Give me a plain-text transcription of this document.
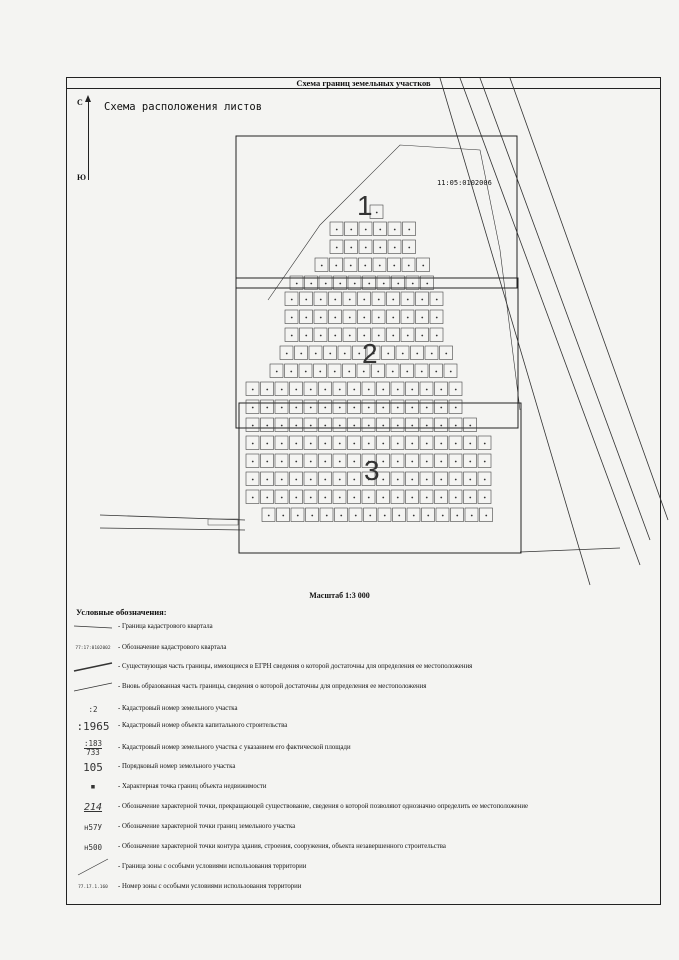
Схема границ земельных участков
С
Ю
Схема расположения листов
11:05:0102006
1
2
3
Масштаб 1:3 000
Условные обозначения:
- Граница кадастрового квартала
77:17:0102002 - Обозначение кадастрового квартала
- Существующая часть границы, имеющиеся в ЕГРН сведения о которой достаточны для определения ее местоположения
- Вновь образованная часть границы, сведения о которой достаточны для определения ее местоположения
:2	- Кадастровый номер земельного участка
:1965 - Кадастровый номер объекта капитального строительства
$\frac{:183}{733}$ - Кадастровый номер земельного участка с указанием его фактической площади
105 - Порядковый номер земельного участка
▪	- Характерная точка границ объекта недвижимости
214 - Обозначение характерной точки, прекращающей существование, сведения о которой позволяют однозначно определить ее местоположение
н57У - Обозначение характерной точки границ земельного участка
н500 - Обозначение характерной точки контура здания, строения, сооружения, объекта незавершенного строительства
- Граница зоны с особыми условиями использования территории
77.17.1.160 - Номер зоны с особыми условиями использования территории
